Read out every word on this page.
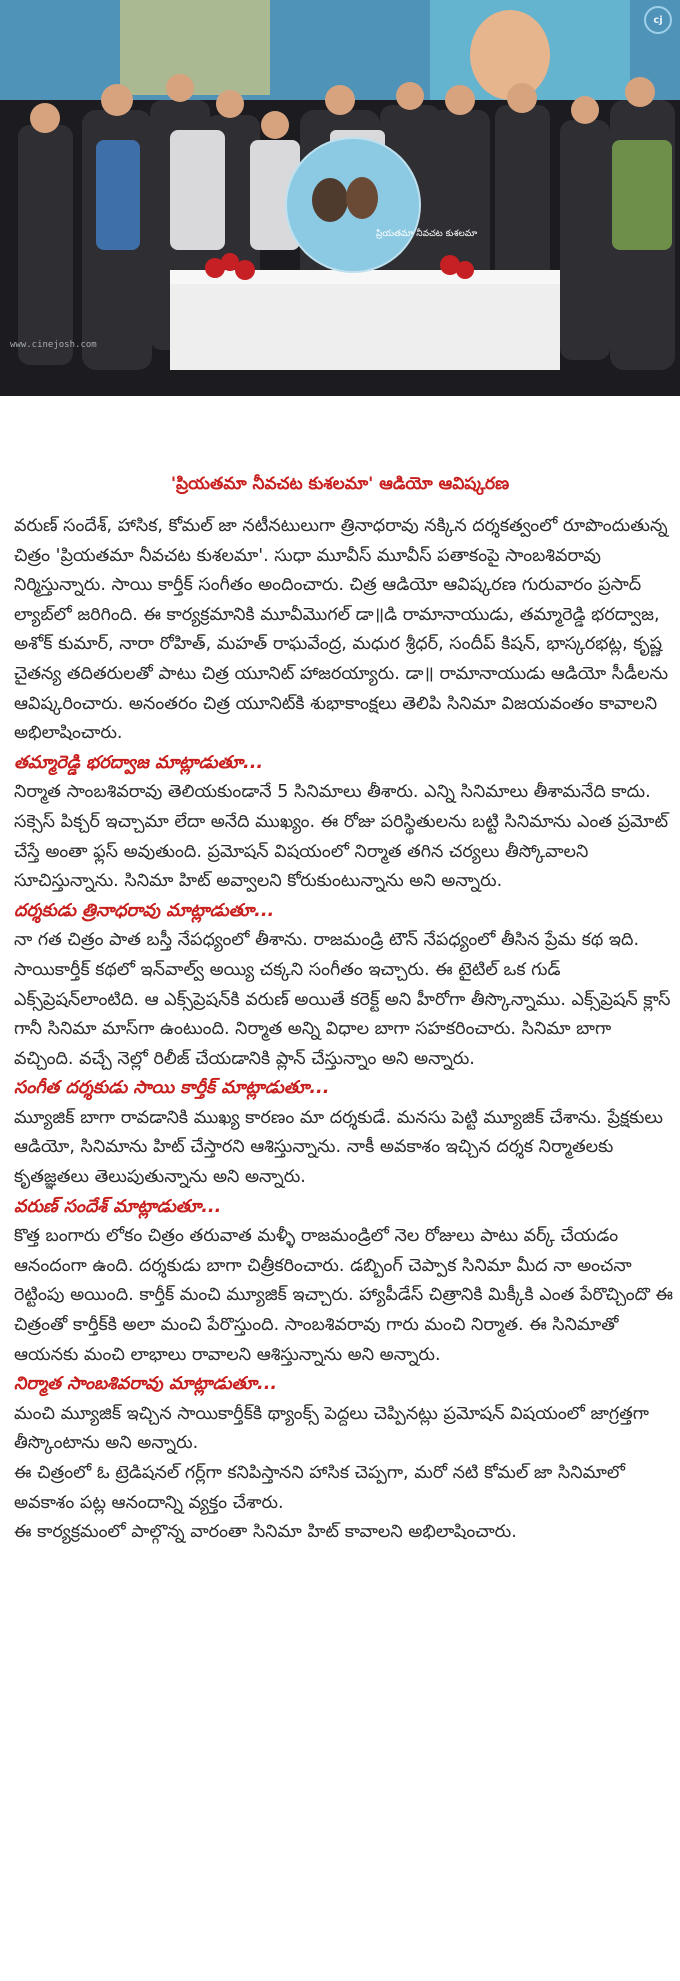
ప్రియతమా నీవచట కుశలమా
www.cinejosh.com
cj
'ప్రియతమా నీవచట కుశలమా' ఆడియో ఆవిష్కరణ

వరుణ్ సందేశ్, హాసిక, కోమల్ జా నటీనటులుగా త్రినాధరావు నక్కిన దర్శకత్వంలో రూపొందుతున్న చిత్రం 'ప్రియతమా నీవచట కుశలమా'. సుధా మూవీస్ మూవీస్ పతాకంపై సాంబశివరావు నిర్మిస్తున్నారు. సాయి కార్తీక్ సంగీతం అందించారు. చిత్ర ఆడియో ఆవిష్కరణ గురువారం ప్రసాద్ ల్యాబ్‌లో జరిగింది. ఈ కార్యక్రమానికి మూవీమొగల్ డా॥డి రామానాయుడు, తమ్మారెడ్డి భరద్వాజ, అశోక్ కుమార్, నారా రోహిత్, మహత్ రాఘవేంద్ర, మధుర శ్రీధర్, సందీప్ కిషన్, భాస్కరభట్ల, కృష్ణ చైతన్య తదితరులతో పాటు చిత్ర యూనిట్ హాజరయ్యారు. డా॥ రామానాయుడు ఆడియో సీడీలను ఆవిష్కరించారు. అనంతరం చిత్ర యూనిట్‌కి శుభాకాంక్షలు తెలిపి సినిమా విజయవంతం కావాలని అభిలాషించారు.

తమ్మారెడ్డి భరద్వాజ మాట్లాడుతూ...

నిర్మాత సాంబశివరావు తెలియకుండానే 5 సినిమాలు తీశారు. ఎన్ని సినిమాలు తీశామనేది కాదు. సక్సెస్ పిక్చర్ ఇచ్చామా లేదా అనేది ముఖ్యం. ఈ రోజు పరిస్థితులను బట్టి సినిమాను ఎంత ప్రమోట్ చేస్తే అంతా ఫ్లస్ అవుతుంది. ప్రమోషన్ విషయంలో నిర్మాత తగిన చర్యలు తీస్కోవాలని సూచిస్తున్నాను. సినిమా హిట్ అవ్వాలని కోరుకుంటున్నాను అని అన్నారు.

దర్శకుడు త్రినాధరావు మాట్లాడుతూ...

నా గత చిత్రం పాత బస్తీ నేపధ్యంలో తీశాను. రాజమండ్రి టౌన్ నేపధ్యంలో తీసిన ప్రేమ కథ ఇది. సాయికార్తీక్ కథలో ఇన్‌వాల్వ్ అయ్యి చక్కని సంగీతం ఇచ్చారు. ఈ టైటిల్ ఒక గుడ్ ఎక్స్‌ప్రెషన్‌లాంటిది. ఆ ఎక్స్‌ప్రెషన్‌కి వరుణ్ అయితే కరెక్ట్ అని హీరోగా తీస్కొన్నాము. ఎక్స్‌ప్రెషన్ క్లాస్ గానీ సినిమా మాస్‌గా ఉంటుంది. నిర్మాత అన్ని విధాల బాగా సహకరించారు. సినిమా బాగా వచ్చింది. వచ్చే నెల్లో రిలీజ్ చేయడానికి ప్లాన్ చేస్తున్నాం అని అన్నారు.

సంగీత దర్శకుడు సాయి కార్తీక్ మాట్లాడుతూ...

మ్యూజిక్ బాగా రావడానికి ముఖ్య కారణం మా దర్శకుడే. మనసు పెట్టి మ్యూజిక్ చేశాను. ప్రేక్షకులు ఆడియో, సినిమాను హిట్ చేస్తారని ఆశిస్తున్నాను. నాకీ అవకాశం ఇచ్చిన దర్శక నిర్మాతలకు కృతజ్ఞతలు తెలుపుతున్నాను అని అన్నారు.

వరుణ్ సందేశ్ మాట్లాడుతూ...

కొత్త బంగారు లోకం చిత్రం తరువాత మళ్ళీ రాజమండ్రిలో నెల రోజులు పాటు వర్క్ చేయడం ఆనందంగా ఉంది. దర్శకుడు బాగా చిత్రీకరించారు. డబ్బింగ్ చెప్పాక సినిమా మీద నా అంచనా రెట్టింపు అయింది. కార్తీక్ మంచి మ్యూజిక్ ఇచ్చారు. హ్యాపీడేస్ చిత్రానికి మిక్కీకి ఎంత పేరొచ్చిందొ ఈ చిత్రంతో కార్తీక్‌కి అలా మంచి పేరొస్తుంది. సాంబశివరావు గారు మంచి నిర్మాత. ఈ సినిమాతో ఆయనకు మంచి లాభాలు రావాలని ఆశిస్తున్నాను అని అన్నారు.

నిర్మాత సాంబశివరావు మాట్లాడుతూ...

మంచి మ్యూజిక్ ఇచ్చిన సాయికార్తీక్‌కి థ్యాంక్స్ పెద్దలు చెప్పినట్లు ప్రమోషన్ విషయంలో జాగ్రత్తగా తీస్కొంటాను అని అన్నారు.

ఈ చిత్రంలో ఓ ట్రెడిషనల్ గర్ల్‌గా కనిపిస్తానని హాసిక చెప్పగా, మరో నటి కోమల్ జా సినిమాలో అవకాశం పట్ల ఆనందాన్ని వ్యక్తం చేశారు.

ఈ కార్యక్రమంలో పాల్గొన్న వారంతా సినిమా హిట్ కావాలని అభిలాషించారు.
